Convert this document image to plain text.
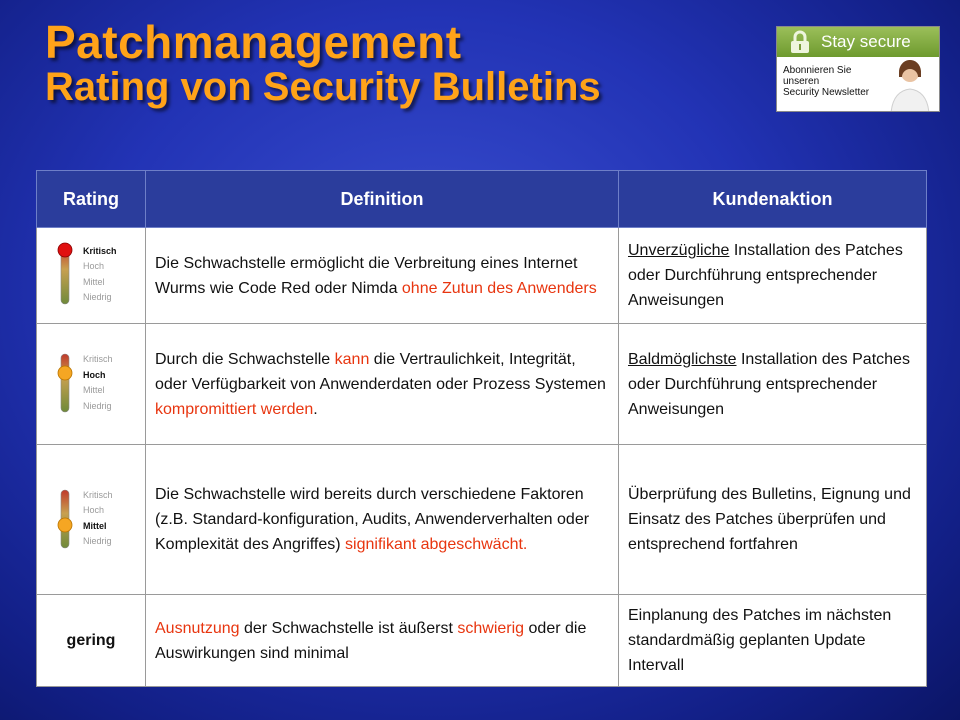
Patchmanagement
Rating von Security Bulletins
Stay secure
Abonnieren Sie
unseren
Security Newsletter
Rating	Definition	Kundenaktion

Kritisch
Hoch
Mittel
Niedrig	Die Schwachstelle ermöglicht die Verbreitung eines Internet Wurms wie Code Red oder Nimda ohne Zutun des Anwenders	Unverzügliche Installation des Patches oder Durchführung entsprechender Anweisungen

Kritisch
Hoch
Mittel
Niedrig	Durch die Schwachstelle kann die Vertraulichkeit, Integrität, oder Verfügbarkeit von Anwenderdaten oder Prozess Systemen kompromittiert werden.	Baldmöglichste Installation des Patches oder Durchführung entsprechender Anweisungen

Kritisch
Hoch
Mittel
Niedrig	Die Schwachstelle wird bereits durch verschiedene Faktoren (z.B. Standard-konfiguration, Audits, Anwenderverhalten oder Komplexität des Angriffes) signifikant abgeschwächt.	Überprüfung des Bulletins, Eignung und Einsatz des Patches überprüfen und entsprechend fortfahren
gering	Ausnutzung der Schwachstelle ist äußerst schwierig oder die Auswirkungen sind minimal	Einplanung des Patches im nächsten standardmäßig geplanten Update Intervall
